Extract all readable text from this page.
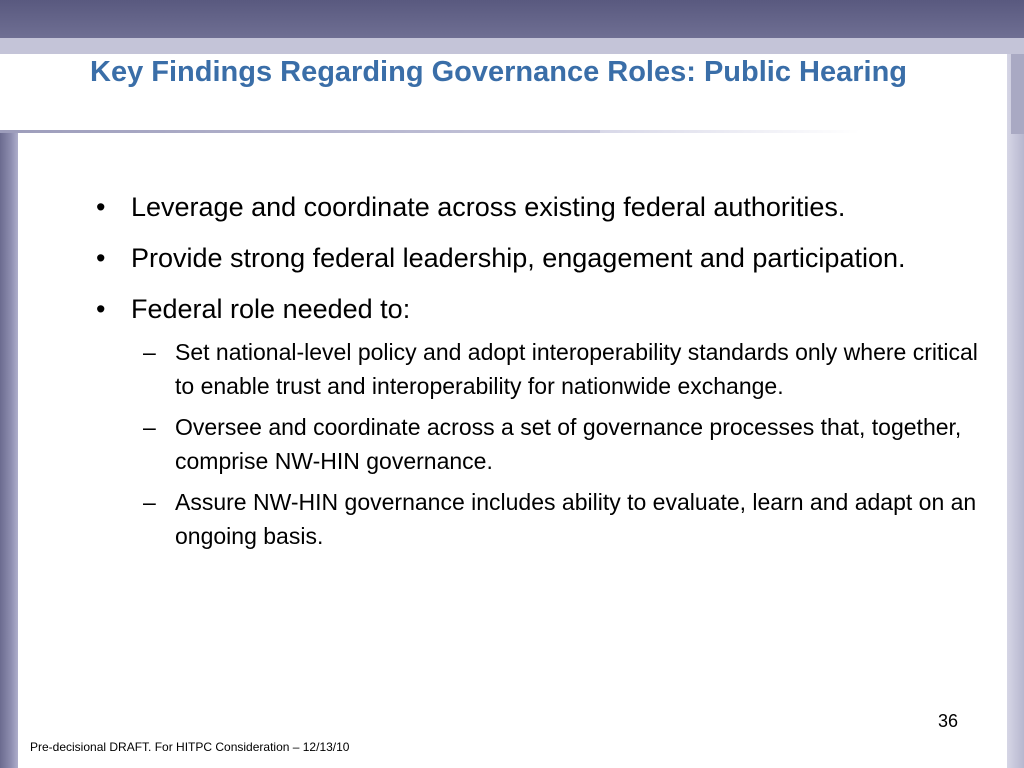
Key Findings Regarding Governance Roles: Public Hearing
• Leverage and coordinate across existing federal authorities.
• Provide strong federal leadership, engagement and participation.
• Federal role needed to:
– Set national-level policy and adopt interoperability standards only where critical to enable trust and interoperability for nationwide exchange.
– Oversee and coordinate across a set of governance processes that, together, comprise NW-HIN governance.
– Assure NW-HIN governance includes ability to evaluate, learn and adapt on an ongoing basis.
36
Pre-decisional DRAFT. For HITPC Consideration – 12/13/10
